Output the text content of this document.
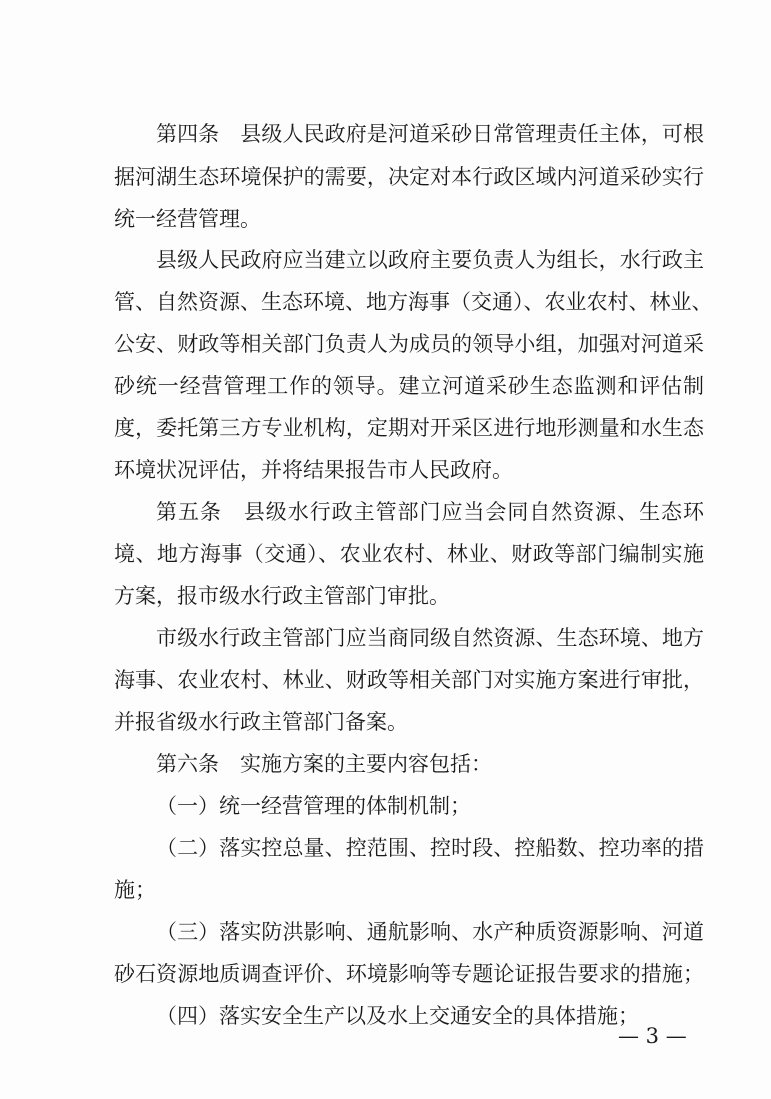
第四条　县级人民政府是河道采砂日常管理责任主体，可根
据河湖生态环境保护的需要，决定对本行政区域内河道采砂实行
统一经营管理。
县级人民政府应当建立以政府主要负责人为组长，水行政主
管、自然资源、生态环境、地方海事（交通）、农业农村、林业、
公安、财政等相关部门负责人为成员的领导小组，加强对河道采
砂统一经营管理工作的领导。建立河道采砂生态监测和评估制
度，委托第三方专业机构，定期对开采区进行地形测量和水生态
环境状况评估，并将结果报告市人民政府。
第五条　县级水行政主管部门应当会同自然资源、生态环
境、地方海事（交通）、农业农村、林业、财政等部门编制实施
方案，报市级水行政主管部门审批。
市级水行政主管部门应当商同级自然资源、生态环境、地方
海事、农业农村、林业、财政等相关部门对实施方案进行审批，
并报省级水行政主管部门备案。
第六条　实施方案的主要内容包括：
（一）统一经营管理的体制机制；
（二）落实控总量、控范围、控时段、控船数、控功率的措
施；
（三）落实防洪影响、通航影响、水产种质资源影响、河道
砂石资源地质调查评价、环境影响等专题论证报告要求的措施；
（四）落实安全生产以及水上交通安全的具体措施；
— 3 —
